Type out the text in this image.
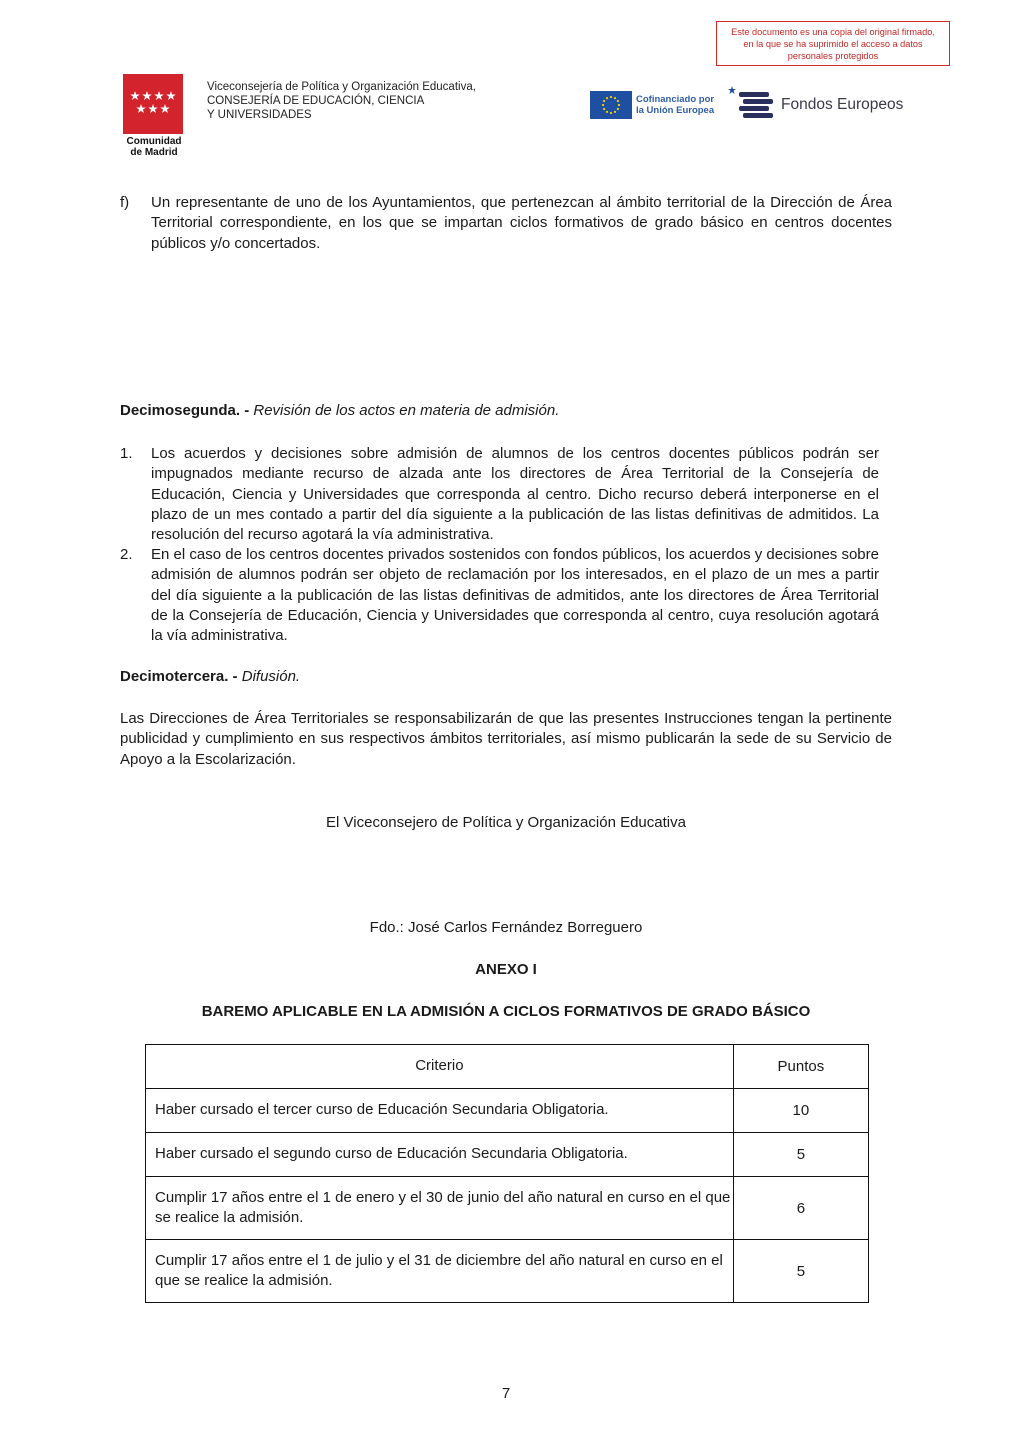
Este documento es una copia del original firmado,
en la que se ha suprimido el acceso a datos
personales protegidos
Comunidad
de Madrid
Viceconsejería de Política y Organización Educativa,
CONSEJERÍA DE EDUCACIÓN, CIENCIA
Y UNIVERSIDADES
Cofinanciado por
la Unión Europea	Fondos Europeos
f) Un representante de uno de los Ayuntamientos, que pertenezcan al ámbito territorial de la Dirección de Área Territorial correspondiente, en los que se impartan ciclos formativos de grado básico en centros docentes públicos y/o concertados.
Decimosegunda. - Revisión de los actos en materia de admisión.
1. Los acuerdos y decisiones sobre admisión de alumnos de los centros docentes públicos podrán ser impugnados mediante recurso de alzada ante los directores de Área Territorial de la Consejería de Educación, Ciencia y Universidades que corresponda al centro. Dicho recurso deberá interponerse en el plazo de un mes contado a partir del día siguiente a la publicación de las listas definitivas de admitidos. La resolución del recurso agotará la vía administrativa.
2. En el caso de los centros docentes privados sostenidos con fondos públicos, los acuerdos y decisiones sobre admisión de alumnos podrán ser objeto de reclamación por los interesados, en el plazo de un mes a partir del día siguiente a la publicación de las listas definitivas de admitidos, ante los directores de Área Territorial de la Consejería de Educación, Ciencia y Universidades que corresponda al centro, cuya resolución agotará la vía administrativa.
Decimotercera. - Difusión.
Las Direcciones de Área Territoriales se responsabilizarán de que las presentes Instrucciones tengan la pertinente publicidad y cumplimiento en sus respectivos ámbitos territoriales, así mismo publicarán la sede de su Servicio de Apoyo a la Escolarización.
El Viceconsejero de Política y Organización Educativa
Fdo.: José Carlos Fernández Borreguero
ANEXO I
BAREMO APLICABLE EN LA ADMISIÓN A CICLOS FORMATIVOS DE GRADO BÁSICO
Criterio	Puntos
Haber cursado el tercer curso de Educación Secundaria Obligatoria.	10
Haber cursado el segundo curso de Educación Secundaria Obligatoria.	5
Cumplir 17 años entre el 1 de enero y el 30 de junio del año natural en curso en el que se realice la admisión.	6
Cumplir 17 años entre el 1 de julio y el 31 de diciembre del año natural en curso en el que se realice la admisión.	5
7
